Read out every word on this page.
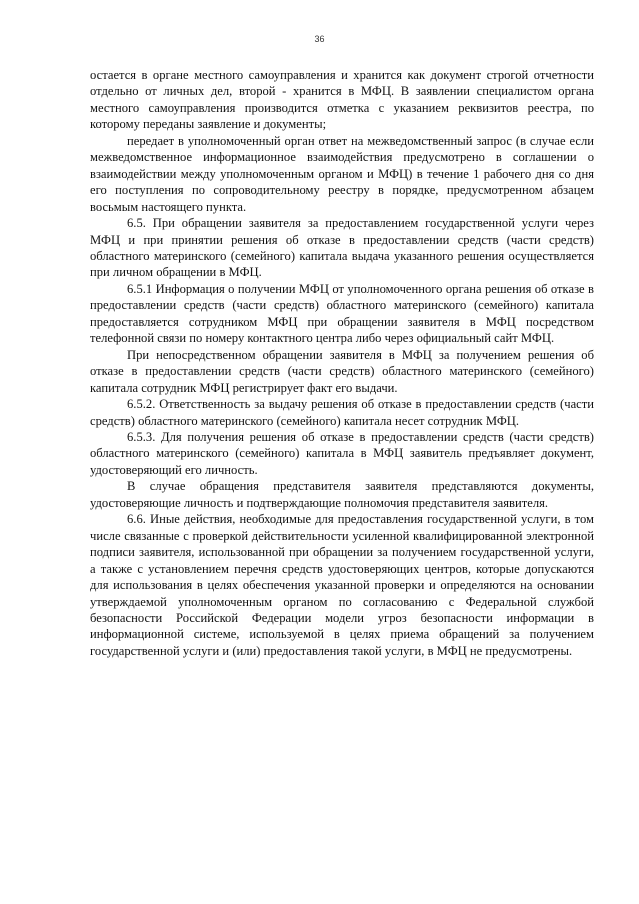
36

остается в органе местного самоуправления и хранится как документ строгой отчетности отдельно от личных дел, второй - хранится в МФЦ. В заявлении специалистом органа местного самоуправления производится отметка с указанием реквизитов реестра, по которому переданы заявление и документы;

передает в уполномоченный орган ответ на межведомственный запрос (в случае если межведомственное информационное взаимодействия предусмотрено в соглашении о взаимодействии между уполномоченным органом и МФЦ) в течение 1 рабочего дня со дня его поступления по сопроводительному реестру в порядке, предусмотренном абзацем восьмым настоящего пункта.

6.5. При обращении заявителя за предоставлением государственной услуги через МФЦ и при принятии решения об отказе в предоставлении средств (части средств) областного материнского (семейного) капитала выдача указанного решения осуществляется при личном обращении в МФЦ.

6.5.1 Информация о получении МФЦ от уполномоченного органа решения об отказе в предоставлении средств (части средств) областного материнского (семейного) капитала предоставляется сотрудником МФЦ при обращении заявителя в МФЦ посредством телефонной связи по номеру контактного центра либо через официальный сайт МФЦ.

При непосредственном обращении заявителя в МФЦ за получением решения об отказе в предоставлении средств (части средств) областного материнского (семейного) капитала сотрудник МФЦ регистрирует факт его выдачи.

6.5.2. Ответственность за выдачу решения об отказе в предоставлении средств (части средств) областного материнского (семейного) капитала несет сотрудник МФЦ.

6.5.3. Для получения решения об отказе в предоставлении средств (части средств) областного материнского (семейного) капитала в МФЦ заявитель предъявляет документ, удостоверяющий его личность.

В случае обращения представителя заявителя представляются документы, удостоверяющие личность и подтверждающие полномочия представителя заявителя.

6.6. Иные действия, необходимые для предоставления государственной услуги, в том числе связанные с проверкой действительности усиленной квалифицированной электронной подписи заявителя, использованной при обращении за получением государственной услуги, а также с установлением перечня средств удостоверяющих центров, которые допускаются для использования в целях обеспечения указанной проверки и определяются на основании утверждаемой уполномоченным органом по согласованию с Федеральной службой безопасности Российской Федерации модели угроз безопасности информации в информационной системе, используемой в целях приема обращений за получением государственной услуги и (или) предоставления такой услуги, в МФЦ не предусмотрены.
